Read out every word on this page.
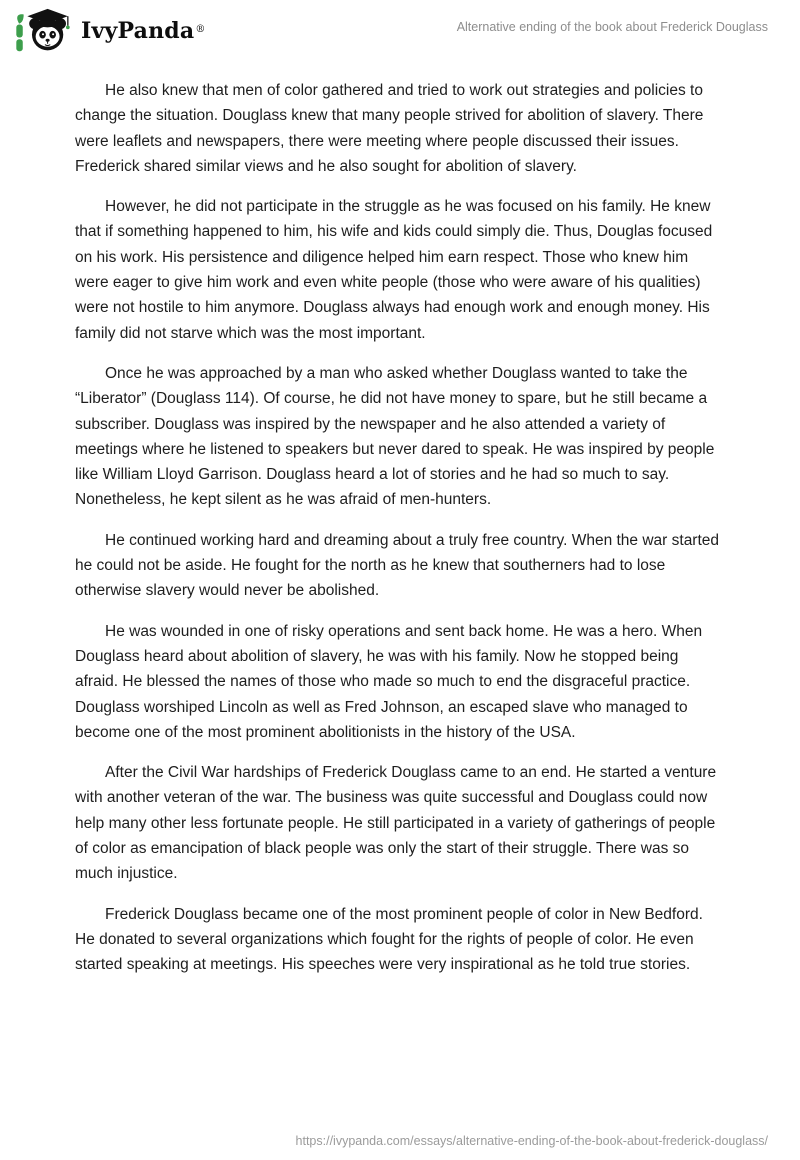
IvyPanda®	Alternative ending of the book about Frederick Douglass

He also knew that men of color gathered and tried to work out strategies and policies to change the situation. Douglass knew that many people strived for abolition of slavery. There were leaflets and newspapers, there were meeting where people discussed their issues. Frederick shared similar views and he also sought for abolition of slavery.

However, he did not participate in the struggle as he was focused on his family. He knew that if something happened to him, his wife and kids could simply die. Thus, Douglas focused on his work. His persistence and diligence helped him earn respect. Those who knew him were eager to give him work and even white people (those who were aware of his qualities) were not hostile to him anymore. Douglass always had enough work and enough money. His family did not starve which was the most important.

Once he was approached by a man who asked whether Douglass wanted to take the “Liberator” (Douglass 114). Of course, he did not have money to spare, but he still became a subscriber. Douglass was inspired by the newspaper and he also attended a variety of meetings where he listened to speakers but never dared to speak. He was inspired by people like William Lloyd Garrison. Douglass heard a lot of stories and he had so much to say. Nonetheless, he kept silent as he was afraid of men-hunters.

He continued working hard and dreaming about a truly free country. When the war started he could not be aside. He fought for the north as he knew that southerners had to lose otherwise slavery would never be abolished.

He was wounded in one of risky operations and sent back home. He was a hero. When Douglass heard about abolition of slavery, he was with his family. Now he stopped being afraid. He blessed the names of those who made so much to end the disgraceful practice. Douglass worshiped Lincoln as well as Fred Johnson, an escaped slave who managed to become one of the most prominent abolitionists in the history of the USA.

After the Civil War hardships of Frederick Douglass came to an end. He started a venture with another veteran of the war. The business was quite successful and Douglass could now help many other less fortunate people. He still participated in a variety of gatherings of people of color as emancipation of black people was only the start of their struggle. There was so much injustice.

Frederick Douglass became one of the most prominent people of color in New Bedford. He donated to several organizations which fought for the rights of people of color. He even started speaking at meetings. His speeches were very inspirational as he told true stories.

https://ivypanda.com/essays/alternative-ending-of-the-book-about-frederick-douglass/
